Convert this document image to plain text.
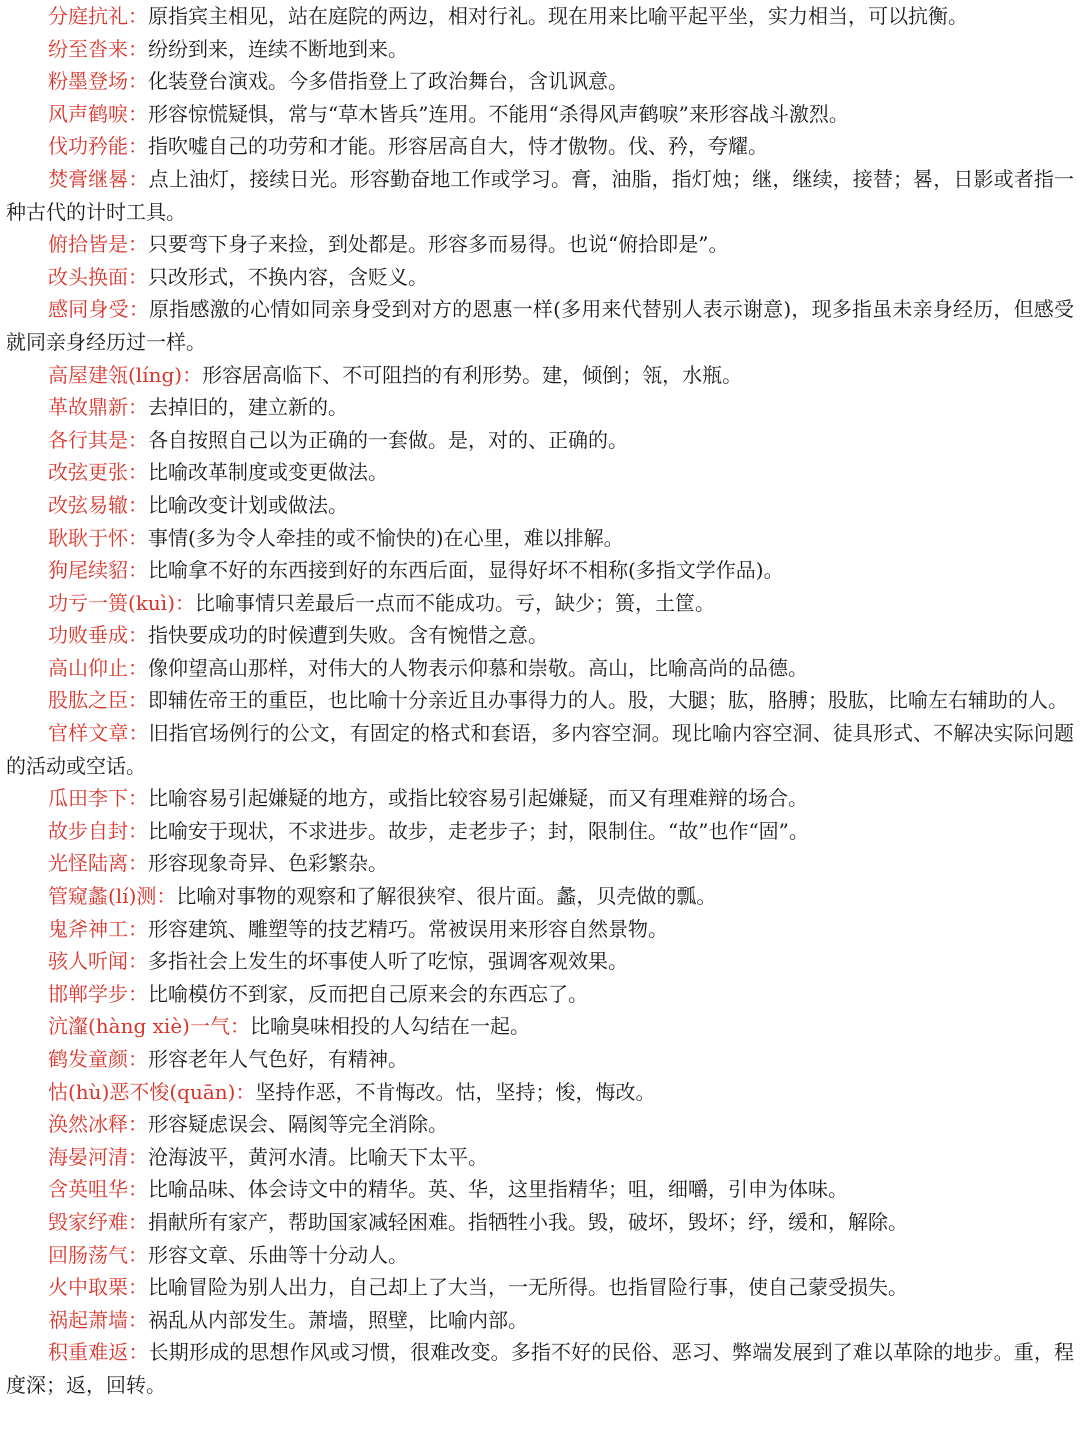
分庭抗礼：原指宾主相见，站在庭院的两边，相对行礼。现在用来比喻平起平坐，实力相当，可以抗衡。

纷至沓来：纷纷到来，连续不断地到来。

粉墨登场：化装登台演戏。今多借指登上了政治舞台，含讥讽意。

风声鹤唳：形容惊慌疑惧，常与“草木皆兵”连用。不能用“杀得风声鹤唳”来形容战斗激烈。

伐功矜能：指吹嘘自己的功劳和才能。形容居高自大，恃才傲物。伐、矜，夸耀。

焚膏继晷：点上油灯，接续日光。形容勤奋地工作或学习。膏，油脂，指灯烛；继，继续，接替；晷，日影或者指一种古代的计时工具。

俯拾皆是：只要弯下身子来捡，到处都是。形容多而易得。也说“俯拾即是”。

改头换面：只改形式，不换内容，含贬义。

感同身受：原指感激的心情如同亲身受到对方的恩惠一样(多用来代替别人表示谢意)，现多指虽未亲身经历，但感受就同亲身经历过一样。

高屋建瓴(líng)：形容居高临下、不可阻挡的有利形势。建，倾倒；瓴，水瓶。

革故鼎新：去掉旧的，建立新的。

各行其是：各自按照自己以为正确的一套做。是，对的、正确的。

改弦更张：比喻改革制度或变更做法。

改弦易辙：比喻改变计划或做法。

耿耿于怀：事情(多为令人牵挂的或不愉快的)在心里，难以排解。

狗尾续貂：比喻拿不好的东西接到好的东西后面，显得好坏不相称(多指文学作品)。

功亏一篑(kuì)：比喻事情只差最后一点而不能成功。亏，缺少；篑，土筐。

功败垂成：指快要成功的时候遭到失败。含有惋惜之意。

高山仰止：像仰望高山那样，对伟大的人物表示仰慕和崇敬。高山，比喻高尚的品德。

股肱之臣：即辅佐帝王的重臣，也比喻十分亲近且办事得力的人。股，大腿；肱，胳膊；股肱，比喻左右辅助的人。

官样文章：旧指官场例行的公文，有固定的格式和套语，多内容空洞。现比喻内容空洞、徒具形式、不解决实际问题的活动或空话。

瓜田李下：比喻容易引起嫌疑的地方，或指比较容易引起嫌疑，而又有理难辩的场合。

故步自封：比喻安于现状，不求进步。故步，走老步子；封，限制住。“故”也作“固”。

光怪陆离：形容现象奇异、色彩繁杂。

管窥蠡(lí)测：比喻对事物的观察和了解很狭窄、很片面。蠡，贝壳做的瓢。

鬼斧神工：形容建筑、雕塑等的技艺精巧。常被误用来形容自然景物。

骇人听闻：多指社会上发生的坏事使人听了吃惊，强调客观效果。

邯郸学步：比喻模仿不到家，反而把自己原来会的东西忘了。

沆瀣(hàng xiè)一气：比喻臭味相投的人勾结在一起。

鹤发童颜：形容老年人气色好，有精神。

怙(hù)恶不悛(quān)：坚持作恶，不肯悔改。怙，坚持；悛，悔改。

涣然冰释：形容疑虑误会、隔阂等完全消除。

海晏河清：沧海波平，黄河水清。比喻天下太平。

含英咀华：比喻品味、体会诗文中的精华。英、华，这里指精华；咀，细嚼，引申为体味。

毁家纾难：捐献所有家产，帮助国家减轻困难。指牺牲小我。毁，破坏，毁坏；纾，缓和，解除。

回肠荡气：形容文章、乐曲等十分动人。

火中取栗：比喻冒险为别人出力，自己却上了大当，一无所得。也指冒险行事，使自己蒙受损失。

祸起萧墙：祸乱从内部发生。萧墙，照壁，比喻内部。

积重难返：长期形成的思想作风或习惯，很难改变。多指不好的民俗、恶习、弊端发展到了难以革除的地步。重，程度深；返，回转。
